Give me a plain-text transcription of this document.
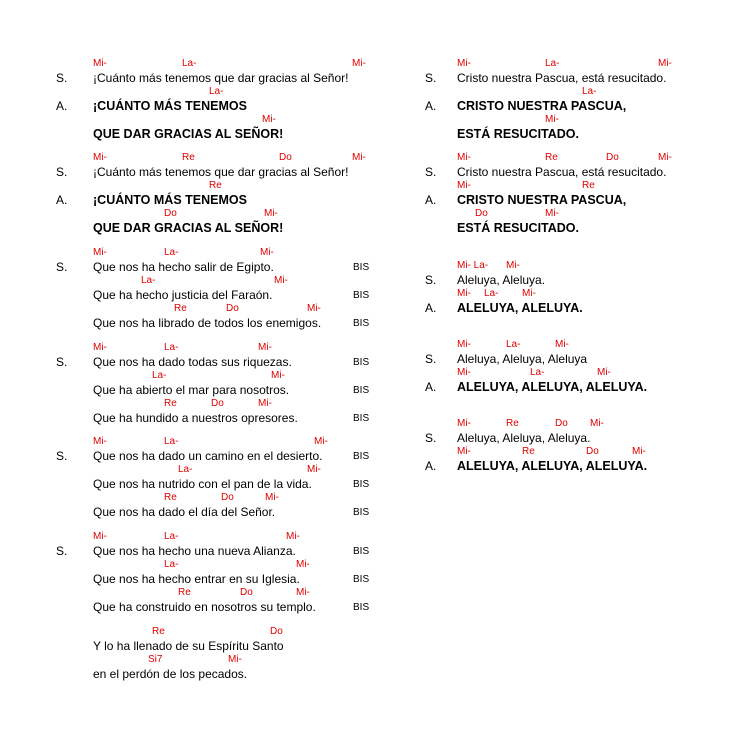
Mi-	La-	Mi-
S. ¡Cuánto más tenemos que dar gracias al Señor!
La-
A. ¡CUÁNTO MÁS TENEMOS
Mi-
QUE DAR GRACIAS AL SEÑOR!
Mi-	Re	Do	Mi-
S. ¡Cuánto más tenemos que dar gracias al Señor!
Re
A. ¡CUÁNTO MÁS TENEMOS
Do	Mi-
QUE DAR GRACIAS AL SEÑOR!
Mi-	La-	Mi-
S. Que nos ha hecho salir de Egipto.	BIS
La-	Mi-
Que ha hecho justicia del Faraón.	BIS
Re	Do	Mi-
Que nos ha librado de todos los enemigos.	BIS
Mi-	La-	Mi-
S. Que nos ha dado todas sus riquezas.	BIS
La-	Mi-
Que ha abierto el mar para nosotros.	BIS
Re	Do	Mi-
Que ha hundido a nuestros opresores.	BIS
Mi-	La-	Mi-
S. Que nos ha dado un camino en el desierto.	BIS
La-	Mi-
Que nos ha nutrido con el pan de la vida.	BIS
Re	Do	Mi-
Que nos ha dado el día del Señor.	BIS
Mi-	La-	Mi-
S. Que nos ha hecho una nueva Alianza.	BIS
La-	Mi-
Que nos ha hecho entrar en su Iglesia.	BIS
Re	Do	Mi-
Que ha construido en nosotros su templo.	BIS
Re	Do
Y lo ha llenado de su Espíritu Santo
Si7	Mi-
en el perdón de los pecados.
Mi-	La-	Mi-
S. Cristo nuestra Pascua, está resucitado.
La-
A. CRISTO NUESTRA PASCUA,
Mi-
ESTÁ RESUCITADO.
Mi-	Re	Do	Mi-
S. Cristo nuestra Pascua, está resucitado.
Mi-	Re
A. CRISTO NUESTRA PASCUA,
Do	Mi-
ESTÁ RESUCITADO.
Mi- La- Mi-
S. Aleluya, Aleluya.
Mi- La- Mi-
A. ALELUYA, ALELUYA.
Mi-	La-	Mi-
S. Aleluya, Aleluya, Aleluya
Mi-	La-	Mi-
A. ALELUYA, ALELUYA, ALELUYA.
Mi-	Re	Do Mi-
S. Aleluya, Aleluya, Aleluya.
Mi-	Re	Do	Mi-
A. ALELUYA, ALELUYA, ALELUYA.
